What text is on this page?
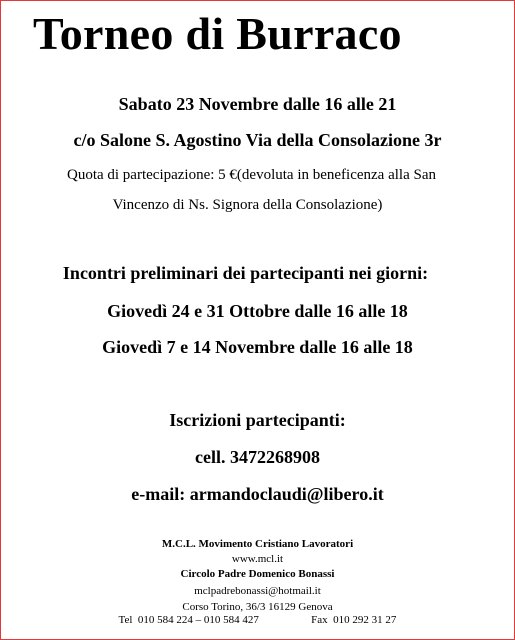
Torneo di Burraco
Sabato 23 Novembre dalle 16 alle 21
c/o Salone S. Agostino Via della Consolazione 3r
Quota di partecipazione: 5 €(devoluta in beneficenza alla San
Vincenzo di Ns. Signora della Consolazione)
Incontri preliminari dei partecipanti nei giorni:
Giovedì 24 e 31 Ottobre dalle 16 alle 18
Giovedì 7 e 14 Novembre dalle 16 alle 18
Iscrizioni partecipanti:
cell. 3472268908
e-mail: armandoclaudi@libero.it
M.C.L. Movimento Cristiano Lavoratori
www.mcl.it
Circolo Padre Domenico Bonassi
mclpadrebonassi@hotmail.it
Corso Torino, 36/3 16129 Genova
Tel  010 584 224 – 010 584 427                   Fax  010 292 31 27
